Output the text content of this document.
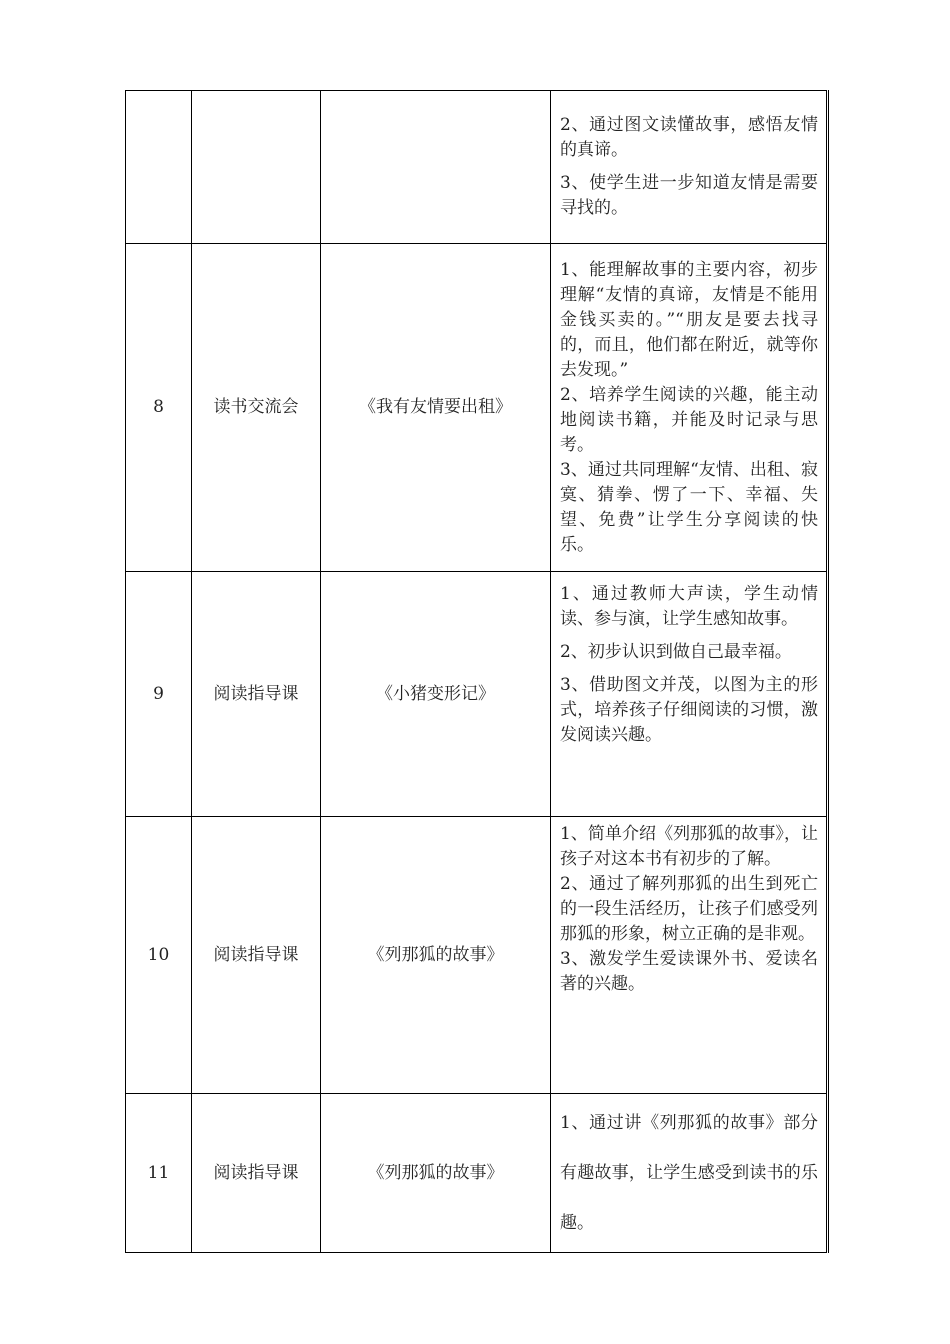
			2、通过图文读懂故事，感悟友情的真谛。

3、使学生进一步知道友情是需要寻找的。

8	读书交流会	《我有友情要出租》	1、能理解故事的主要内容，初步理解“友情的真谛，友情是不能用金钱买卖的。”“朋友是要去找寻的，而且，他们都在附近，就等你去发现。”

2、培养学生阅读的兴趣，能主动地阅读书籍，并能及时记录与思考。

3、通过共同理解“友情、出租、寂寞、猜拳、愣了一下、幸福、失望、免费”让学生分享阅读的快乐。

9	阅读指导课	《小猪变形记》	1、通过教师大声读，学生动情读、参与演，让学生感知故事。

2、初步认识到做自己最幸福。

3、借助图文并茂，以图为主的形式，培养孩子仔细阅读的习惯，激发阅读兴趣。

10	阅读指导课	《列那狐的故事》	1、简单介绍《列那狐的故事》，让孩子对这本书有初步的了解。

2、通过了解列那狐的出生到死亡的一段生活经历，让孩子们感受列那狐的形象，树立正确的是非观。

3、激发学生爱读课外书、爱读名著的兴趣。

11	阅读指导课	《列那狐的故事》	1、通过讲《列那狐的故事》部分有趣故事，让学生感受到读书的乐趣。
